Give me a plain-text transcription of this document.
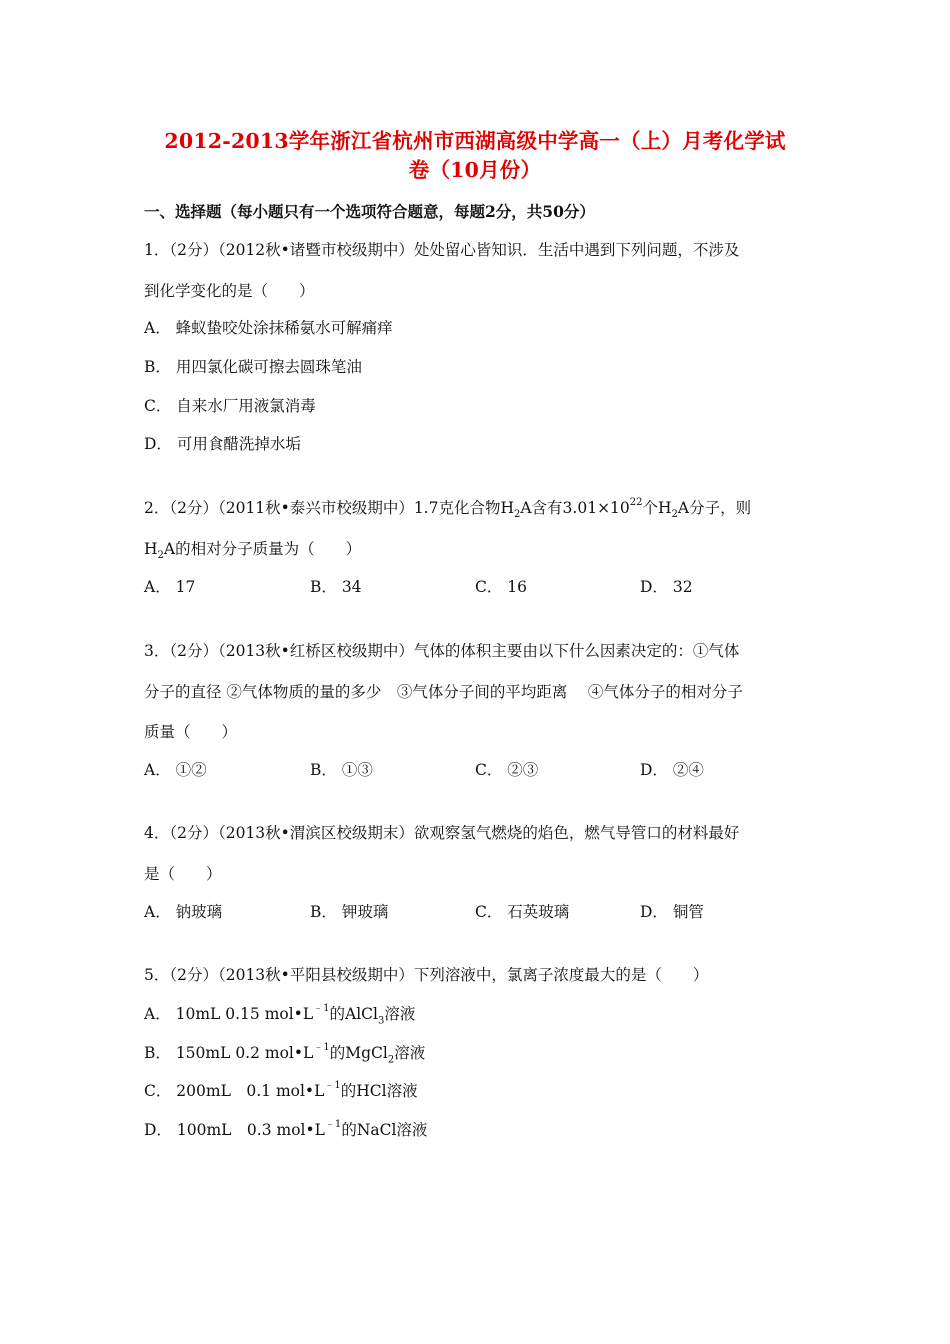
2012-2013学年浙江省杭州市西湖高级中学高一（上）月考化学试
卷（10月份）
一、选择题（每小题只有一个选项符合题意，每题2分，共50分）
1．（2分）（2012秋•诸暨市校级期中）处处留心皆知识．生活中遇到下列问题，不涉及
到化学变化的是（　　）
A． 蜂蚁蛰咬处涂抹稀氨水可解痛痒
B． 用四氯化碳可擦去圆珠笔油
C． 自来水厂用液氯消毒
D． 可用食醋洗掉水垢
2．（2分）（2011秋•泰兴市校级期中）1.7克化合物$H_2A$含有$3.01\times 10^{22}$个$H_2A$分子，则
$H_2A$的相对分子质量为（　　）
A． 17	B． 34	C． 16	D． 32
3．（2分）（2013秋•红桥区校级期中）气体的体积主要由以下什么因素决定的：①气体
分子的直径 ②气体物质的量的多少　③气体分子间的平均距离　 ④气体分子的相对分子
质量（　　）
A． ①②	B． ①③	C． ②③	D． ②④
4．（2分）（2013秋•渭滨区校级期末）欲观察氢气燃烧的焰色，燃气导管口的材料最好
是（　　）
A． 钠玻璃	B． 钾玻璃	C． 石英玻璃	D． 铜管
5．（2分）（2013秋•平阳县校级期中）下列溶液中，氯离子浓度最大的是（　　）
A． 10mL 0.15 $mol•L^{﹣1}$的AlCl$_3$溶液
B． 150mL 0.2 $mol•L^{﹣1}$的MgCl$_2$溶液
C． 200mL　0.1 $mol•L^{﹣1}$的HCl溶液
D． 100mL　0.3 $mol•L^{﹣1}$的NaCl溶液
